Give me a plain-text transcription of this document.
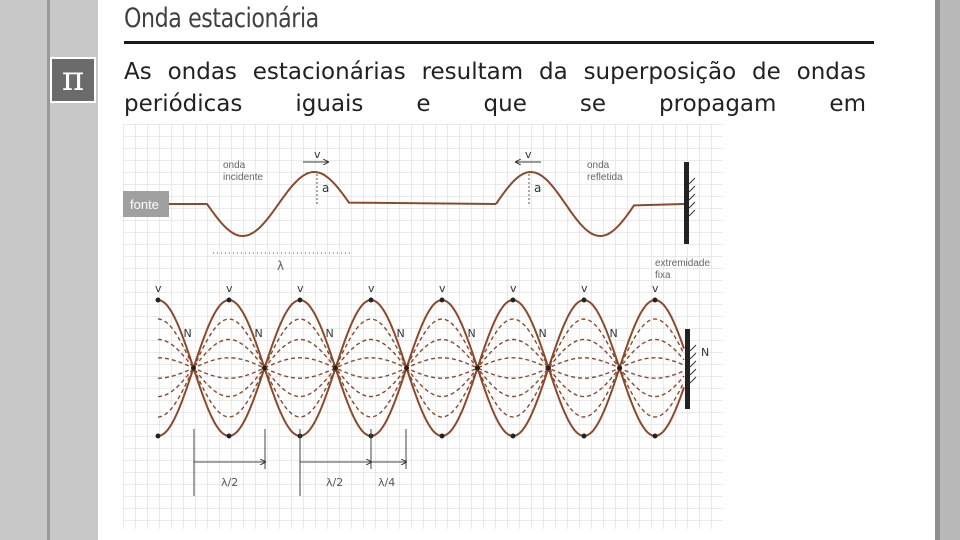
π
Onda estacionária
As ondas estacionárias resultam da superposição de ondas periódicas iguais e que se propagam em
fonte
onda
incidente
onda
refletida
v	v
a	a
λ	extremidade
fixa
N	N	N	N	N	N	N
v	v	v	v	v	v	v	v
N
λ/2	λ/2	λ/4
